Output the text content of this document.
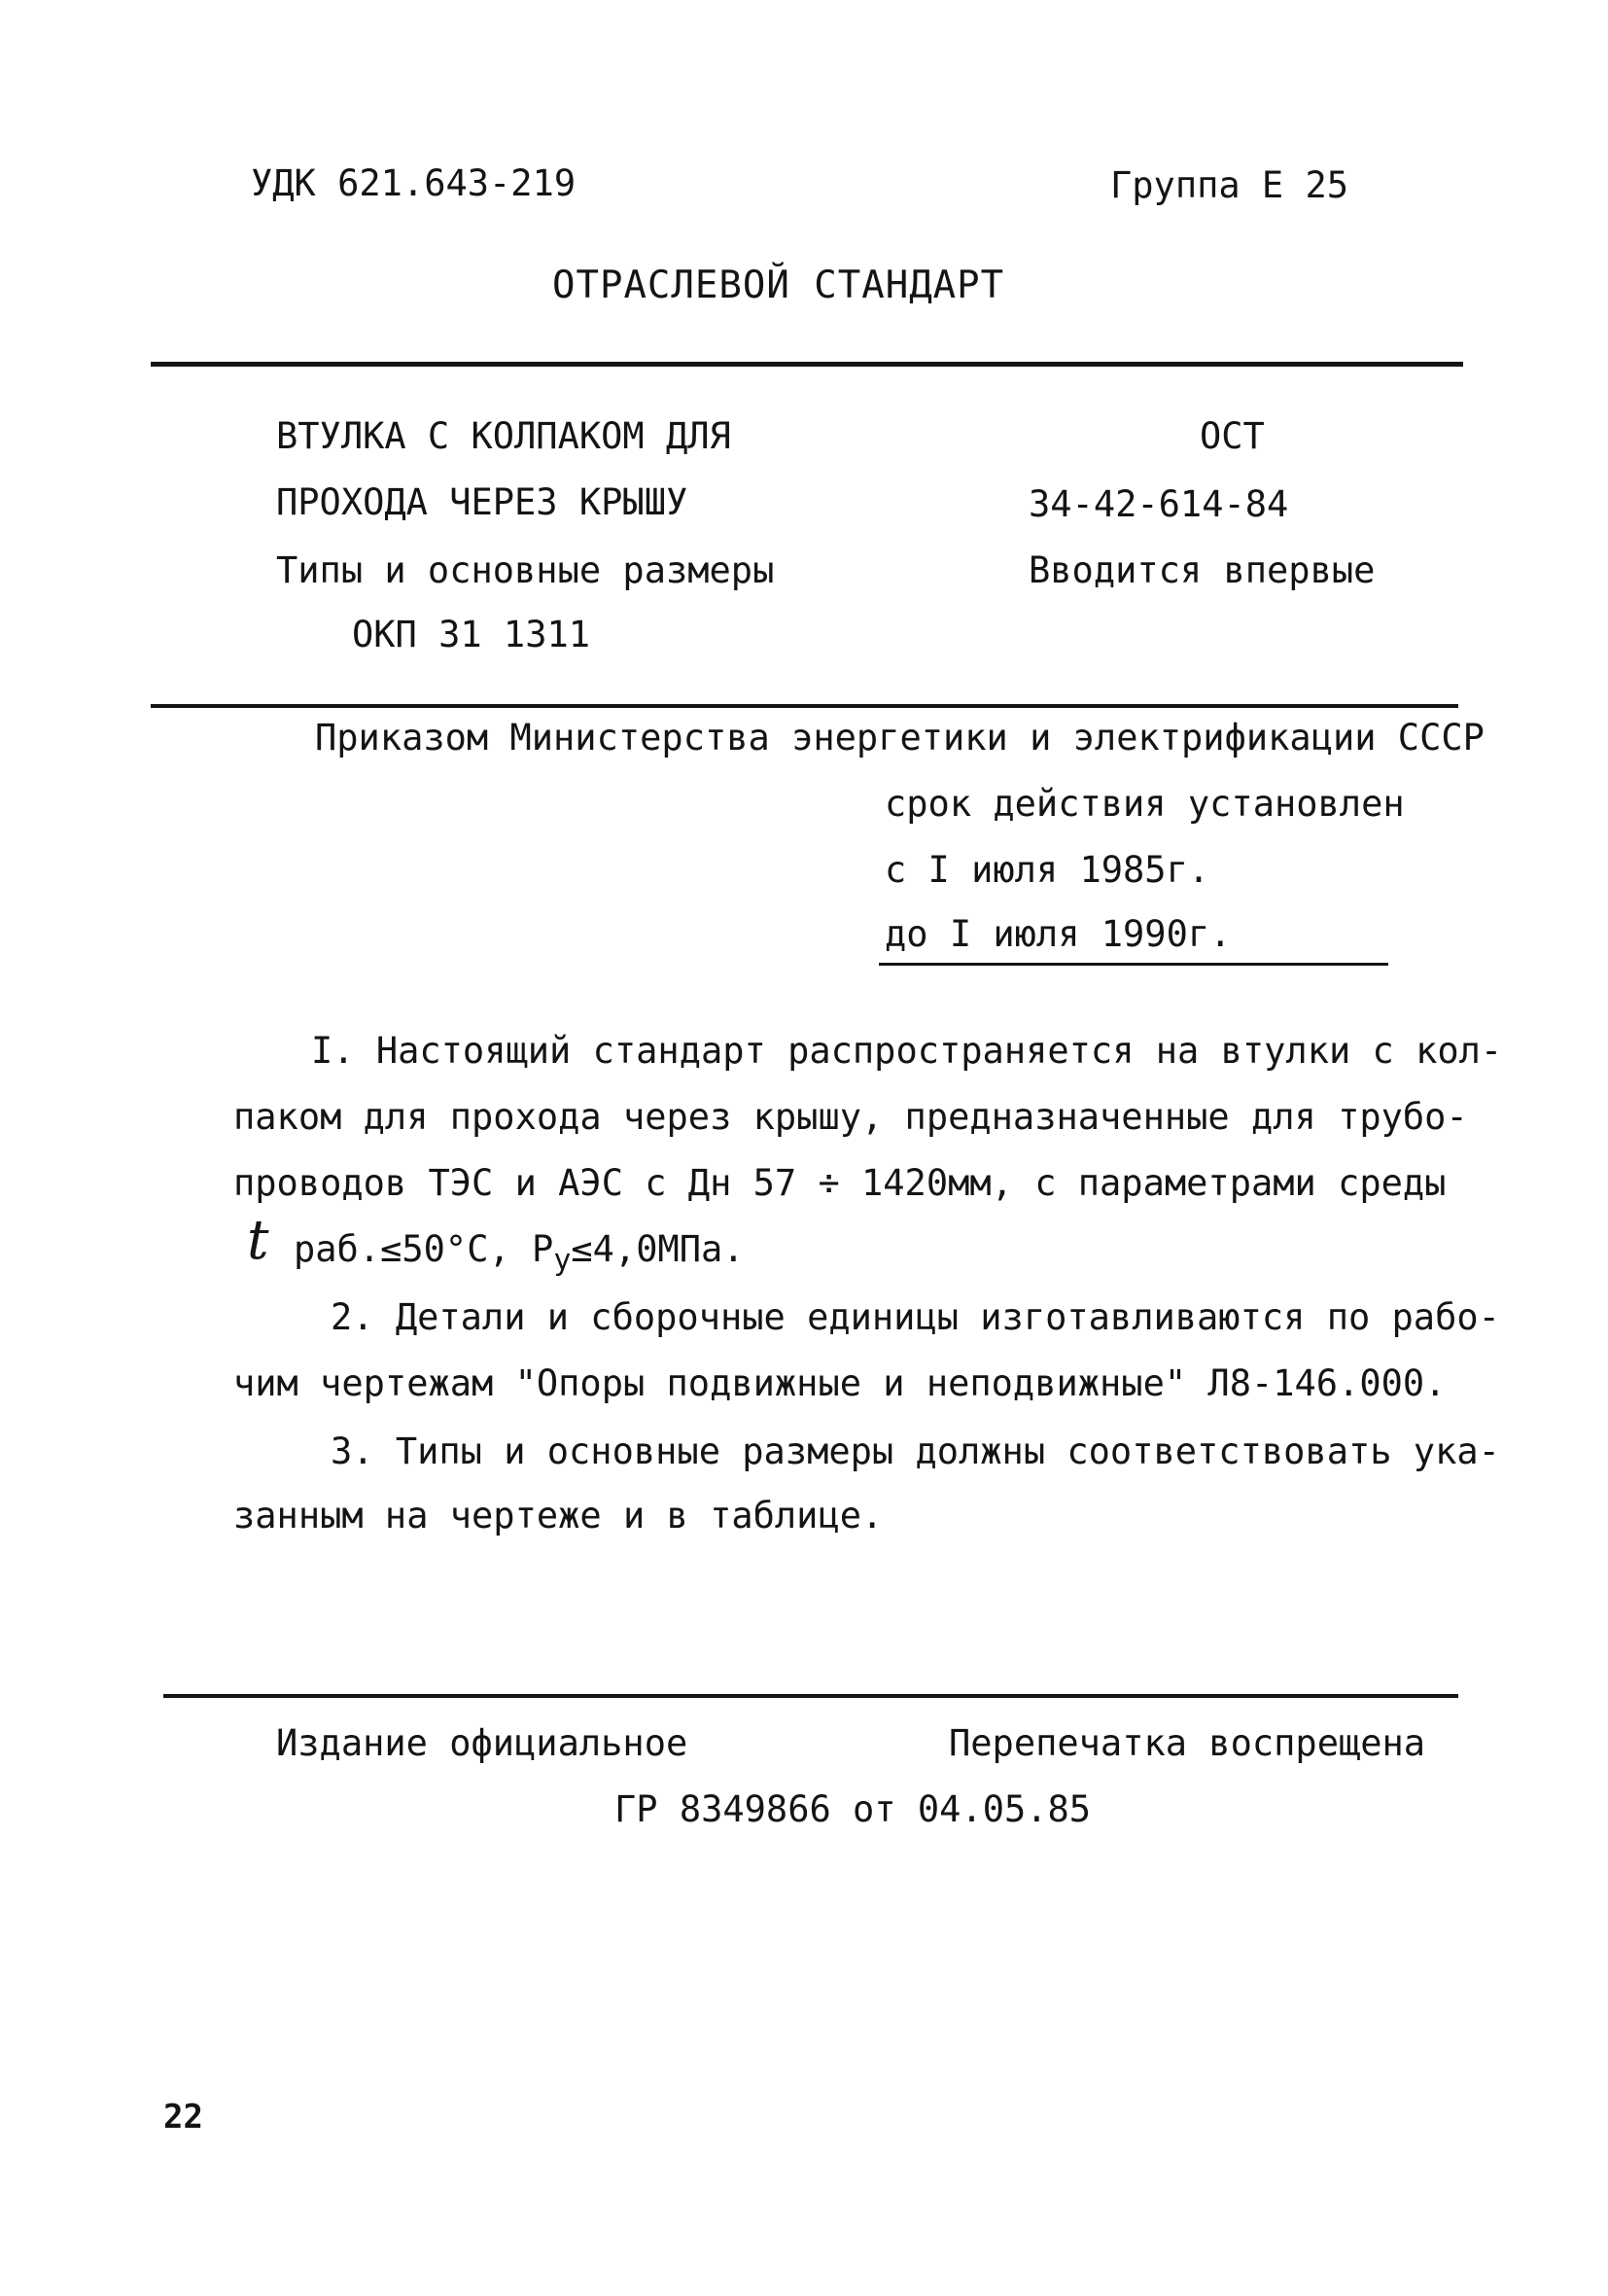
УДК 621.643-219	Группа Е 25
ОТРАСЛЕВОЙ СТАНДАРТ
ВТУЛКА С КОЛПАКОМ ДЛЯ
ПРОХОДА ЧЕРЕЗ КРЫШУ
Типы и основные размеры
ОКП 31 1311
ОСТ
34-42-614-84
Вводится впервые
Приказом Министерства энергетики и электрификации СССР
срок действия установлен
с I июля 1985г.
до I июля 1990г.
I. Настоящий стандарт распространяется на втулки с кол-
паком для прохода через крышу, предназначенные для трубо-
проводов ТЭС и АЭС с Дн 57 ÷ 1420мм, с параметрами среды
t раб.≤50°С, $Р_у\le 4,0МПа$.
2. Детали и сборочные единицы изготавливаются по рабо-
чим чертежам "Опоры подвижные и неподвижные" Л8-146.000.
3. Типы и основные размеры должны соответствовать ука-
занным на чертеже и в таблице.
Издание официальное	Перепечатка воспрещена
ГР 8349866 от 04.05.85
22
